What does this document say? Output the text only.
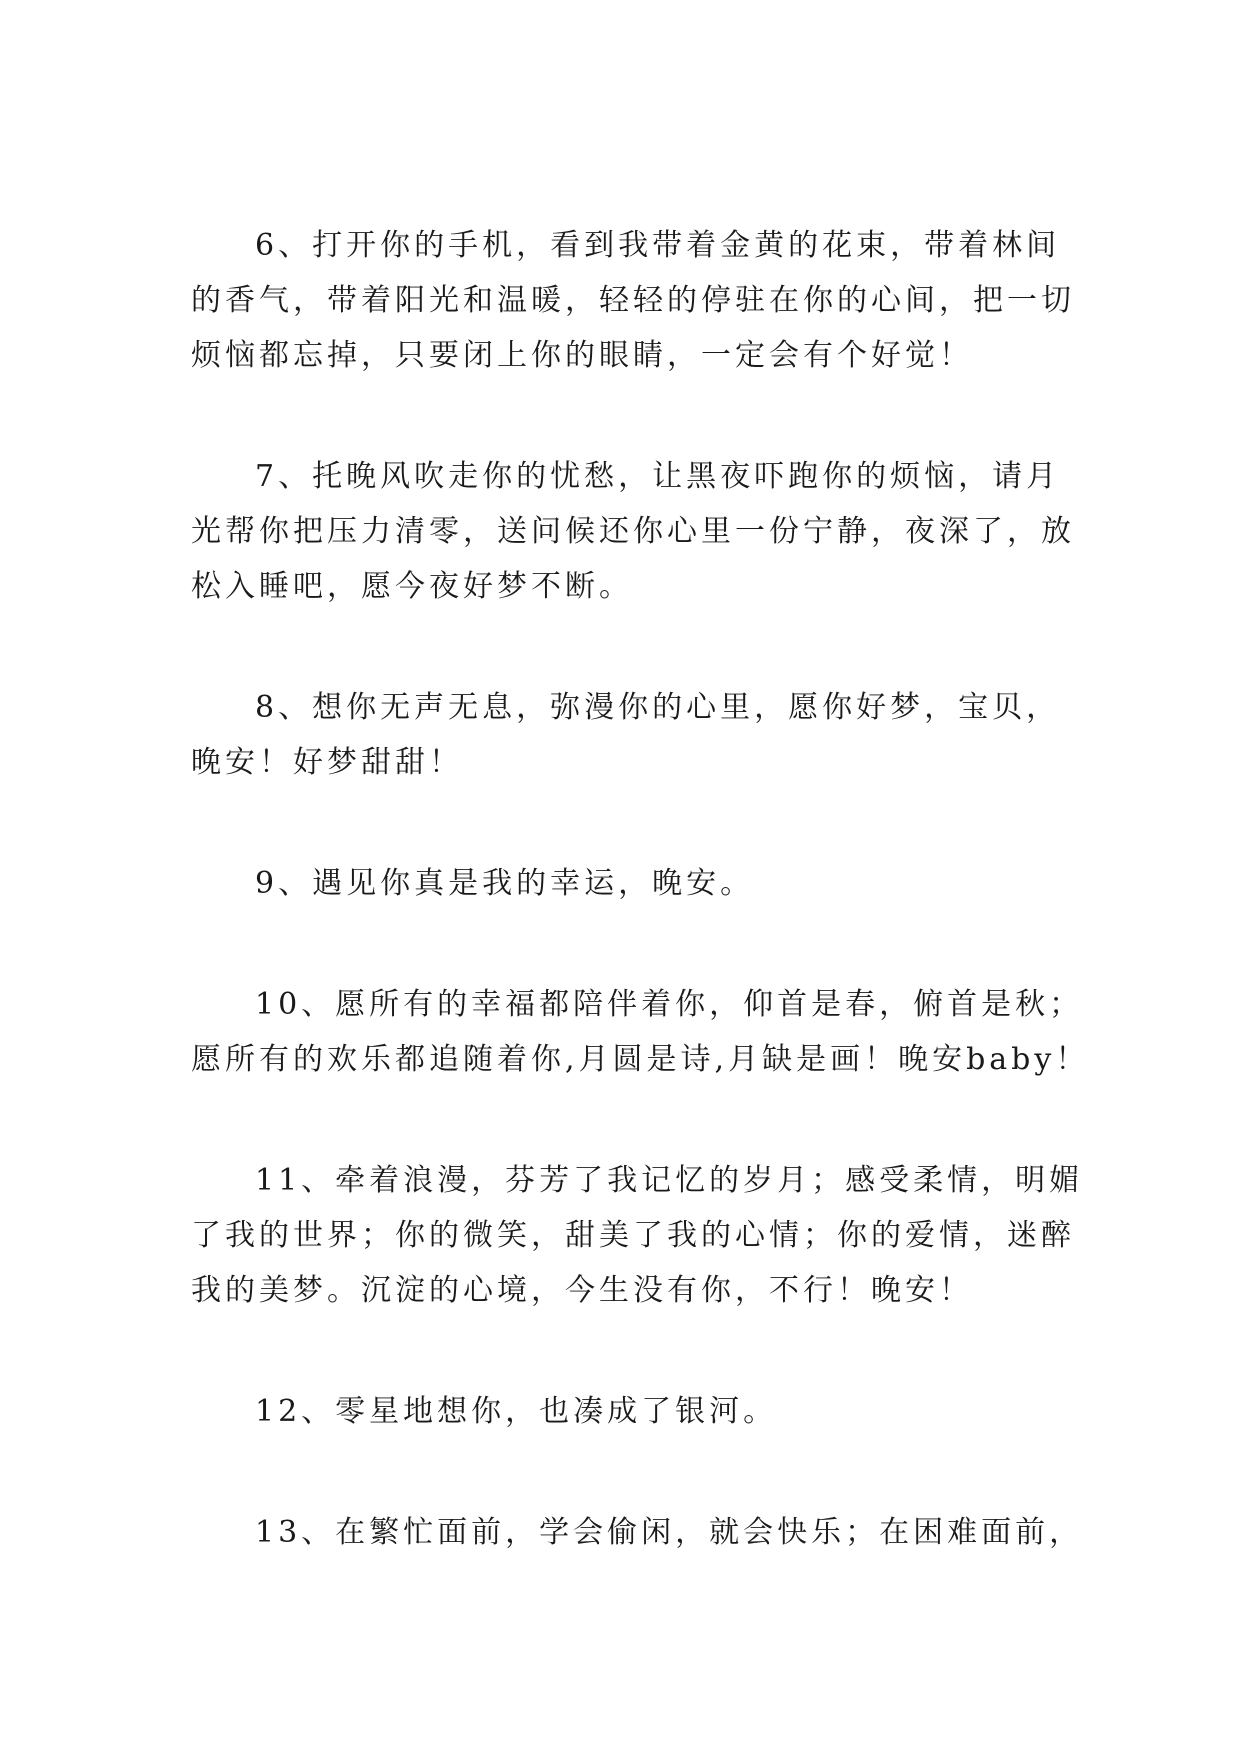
6、打开你的手机，看到我带着金黄的花束，带着林间
的香气，带着阳光和温暖，轻轻的停驻在你的心间，把一切
烦恼都忘掉，只要闭上你的眼睛，一定会有个好觉！

7、托晚风吹走你的忧愁，让黑夜吓跑你的烦恼，请月
光帮你把压力清零，送问候还你心里一份宁静，夜深了，放
松入睡吧，愿今夜好梦不断。

8、想你无声无息，弥漫你的心里，愿你好梦，宝贝，
晚安！好梦甜甜！

9、遇见你真是我的幸运，晚安。

10、愿所有的幸福都陪伴着你，仰首是春，俯首是秋；
愿所有的欢乐都追随着你,月圆是诗,月缺是画！晚安baby！

11、牵着浪漫，芬芳了我记忆的岁月；感受柔情，明媚
了我的世界；你的微笑，甜美了我的心情；你的爱情，迷醉
我的美梦。沉淀的心境，今生没有你，不行！晚安！

12、零星地想你，也凑成了银河。

13、在繁忙面前，学会偷闲，就会快乐；在困难面前，
